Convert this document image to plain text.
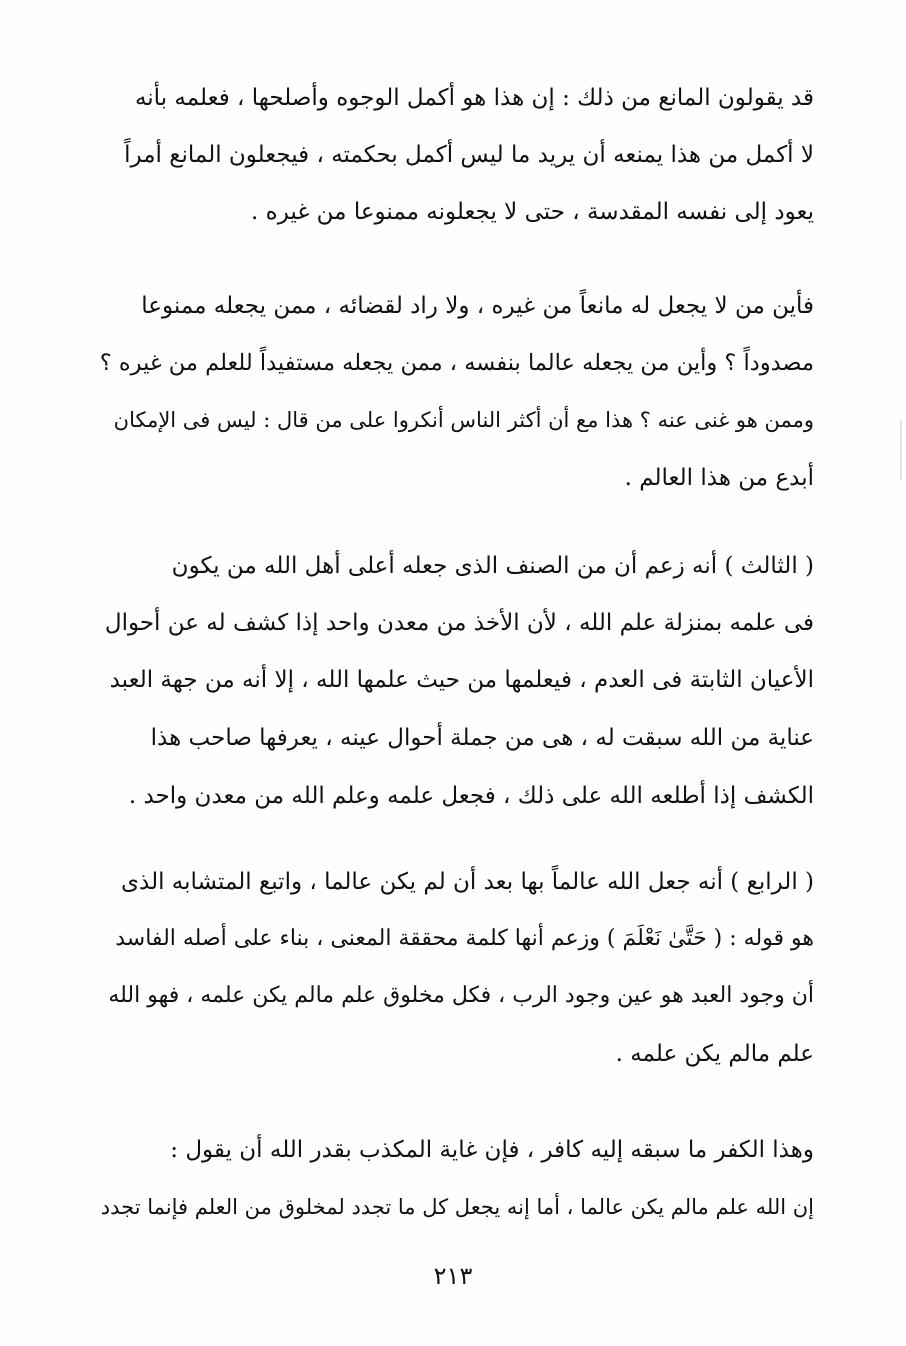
قد يقولون المانع من ذلك : إن هذا هو أكمل الوجوه وأصلحها ، فعلمه بأنه
لا أكمل من هذا يمنعه أن يريد ما ليس أكمل بحكمته ، فيجعلون المانع أمراً
يعود إلى نفسه المقدسة ، حتى لا يجعلونه ممنوعا من غيره .
فأين من لا يجعل له مانعاً من غيره ، ولا راد لقضائه ، ممن يجعله ممنوعا
مصدوداً ؟ وأين من يجعله عالما بنفسه ، ممن يجعله مستفيداً للعلم من غيره ؟
وممن هو غنى عنه ؟ هذا مع أن أكثر الناس أنكروا على من قال : ليس فى الإمكان
أبدع من هذا العالم .
( الثالث ) أنه زعم أن من الصنف الذى جعله أعلى أهل الله من يكون
فى علمه بمنزلة علم الله ، لأن الأخذ من معدن واحد إذا كشف له عن أحوال
الأعيان الثابتة فى العدم ، فيعلمها من حيث علمها الله ، إلا أنه من جهة العبد
عناية من الله سبقت له ، هى من جملة أحوال عينه ، يعرفها صاحب هذا
الكشف إذا أطلعه الله على ذلك ، فجعل علمه وعلم الله من معدن واحد .
( الرابع ) أنه جعل الله عالماً بها بعد أن لم يكن عالما ، واتبع المتشابه الذى
هو قوله : ( حَتَّىٰ نَعْلَمَ ) وزعم أنها كلمة محققة المعنى ، بناء على أصله الفاسد
أن وجود العبد هو عين وجود الرب ، فكل مخلوق علم مالم يكن علمه ، فهو الله
علم مالم يكن علمه .
وهذا الكفر ما سبقه إليه كافر ، فإن غاية المكذب بقدر الله أن يقول :
إن الله علم مالم يكن عالما ، أما إنه يجعل كل ما تجدد لمخلوق من العلم فإنما تجدد
٢١٣
